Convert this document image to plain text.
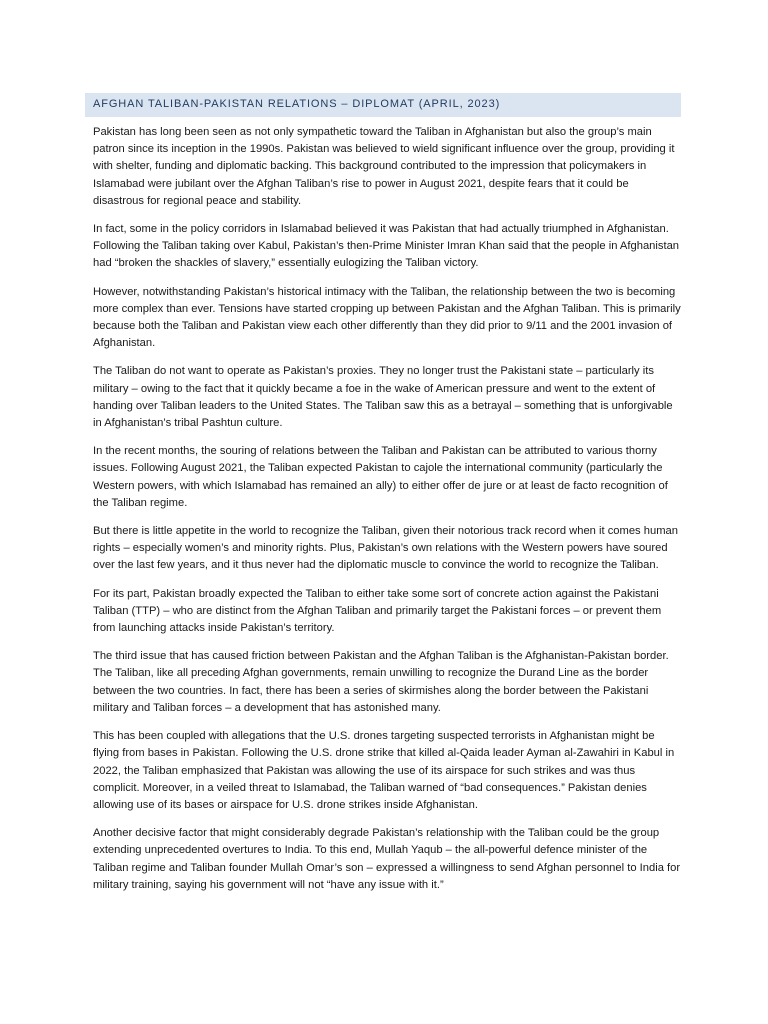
AFGHAN TALIBAN-PAKISTAN RELATIONS – DIPLOMAT (APRIL, 2023)

Pakistan has long been seen as not only sympathetic toward the Taliban in Afghanistan but also the group’s main patron since its inception in the 1990s. Pakistan was believed to wield significant influence over the group, providing it with shelter, funding and diplomatic backing. This background contributed to the impression that policymakers in Islamabad were jubilant over the Afghan Taliban’s rise to power in August 2021, despite fears that it could be disastrous for regional peace and stability.

In fact, some in the policy corridors in Islamabad believed it was Pakistan that had actually triumphed in Afghanistan. Following the Taliban taking over Kabul, Pakistan’s then-Prime Minister Imran Khan said that the people in Afghanistan had “broken the shackles of slavery,” essentially eulogizing the Taliban victory.

However, notwithstanding Pakistan’s historical intimacy with the Taliban, the relationship between the two is becoming more complex than ever. Tensions have started cropping up between Pakistan and the Afghan Taliban. This is primarily because both the Taliban and Pakistan view each other differently than they did prior to 9/11 and the 2001 invasion of Afghanistan.

The Taliban do not want to operate as Pakistan’s proxies. They no longer trust the Pakistani state – particularly its military – owing to the fact that it quickly became a foe in the wake of American pressure and went to the extent of handing over Taliban leaders to the United States. The Taliban saw this as a betrayal – something that is unforgivable in Afghanistan’s tribal Pashtun culture.

In the recent months, the souring of relations between the Taliban and Pakistan can be attributed to various thorny issues. Following August 2021, the Taliban expected Pakistan to cajole the international community (particularly the Western powers, with which Islamabad has remained an ally) to either offer de jure or at least de facto recognition of the Taliban regime.

But there is little appetite in the world to recognize the Taliban, given their notorious track record when it comes human rights – especially women’s and minority rights. Plus, Pakistan’s own relations with the Western powers have soured over the last few years, and it thus never had the diplomatic muscle to convince the world to recognize the Taliban.

For its part, Pakistan broadly expected the Taliban to either take some sort of concrete action against the Pakistani Taliban (TTP) – who are distinct from the Afghan Taliban and primarily target the Pakistani forces – or prevent them from launching attacks inside Pakistan’s territory.

The third issue that has caused friction between Pakistan and the Afghan Taliban is the Afghanistan-Pakistan border. The Taliban, like all preceding Afghan governments, remain unwilling to recognize the Durand Line as the border between the two countries. In fact, there has been a series of skirmishes along the border between the Pakistani military and Taliban forces – a development that has astonished many.

This has been coupled with allegations that the U.S. drones targeting suspected terrorists in Afghanistan might be flying from bases in Pakistan. Following the U.S. drone strike that killed al-Qaida leader Ayman al-Zawahiri in Kabul in 2022, the Taliban emphasized that Pakistan was allowing the use of its airspace for such strikes and was thus complicit. Moreover, in a veiled threat to Islamabad, the Taliban warned of “bad consequences.” Pakistan denies allowing use of its bases or airspace for U.S. drone strikes inside Afghanistan.

Another decisive factor that might considerably degrade Pakistan’s relationship with the Taliban could be the group extending unprecedented overtures to India. To this end, Mullah Yaqub – the all-powerful defence minister of the Taliban regime and Taliban founder Mullah Omar’s son – expressed a willingness to send Afghan personnel to India for military training, saying his government will not “have any issue with it.”
